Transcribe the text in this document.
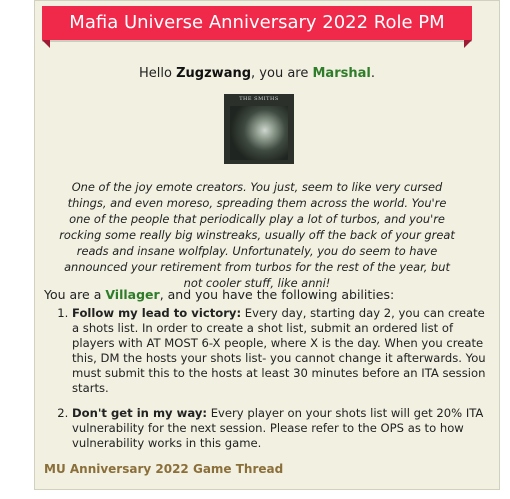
Mafia Universe Anniversary 2022 Role PM
Hello Zugzwang, you are Marshal.
THE SMITHS
One of the joy emote creators. You just, seem to like very cursed things, and even moreso, spreading them across the world. You're one of the people that periodically play a lot of turbos, and you're rocking some really big winstreaks, usually off the back of your great reads and insane wolfplay. Unfortunately, you do seem to have announced your retirement from turbos for the rest of the year, but not cooler stuff, like anni!
You are a Villager, and you have the following abilities:
1. Follow my lead to victory: Every day, starting day 2, you can create a shots list. In order to create a shot list, submit an ordered list of players with AT MOST 6-X people, where X is the day. When you create this, DM the hosts your shots list- you cannot change it afterwards. You must submit this to the hosts at least 30 minutes before an ITA session starts.
2. Don't get in my way: Every player on your shots list will get 20% ITA vulnerability for the next session. Please refer to the OPS as to how vulnerability works in this game.
MU Anniversary 2022 Game Thread
